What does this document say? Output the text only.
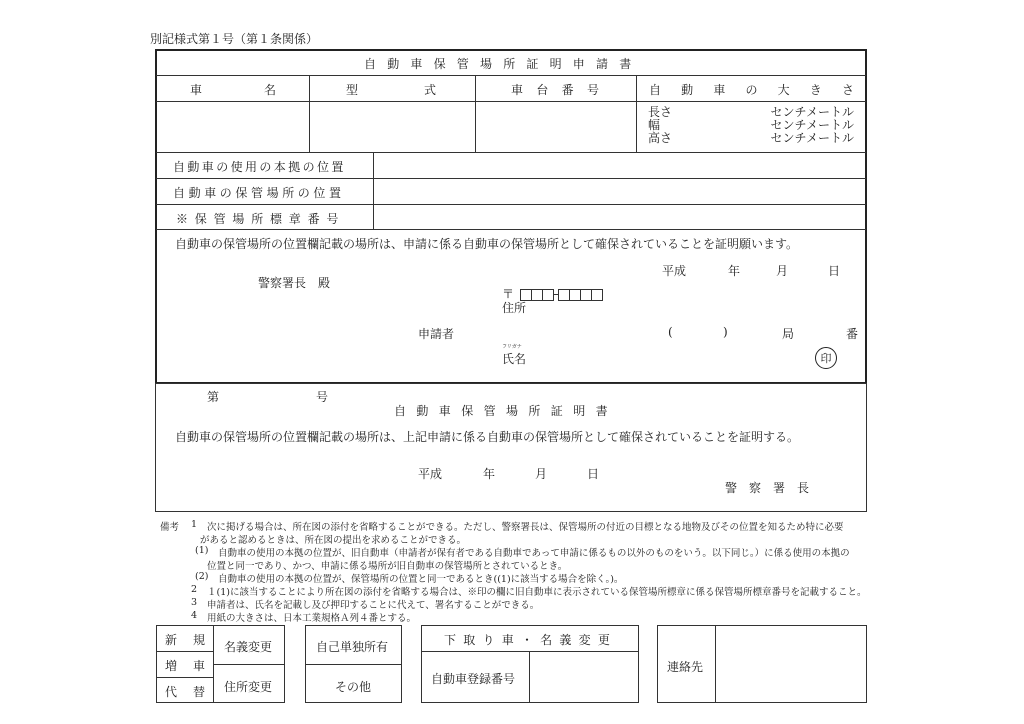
別記様式第１号（第１条関係）
自動車保管場所証明申請書
車	名	型	式	車 台 番 号	自 動 車 の 大 き さ
長さ	センチメートル
幅	センチメートル
高さ	センチメートル
自動車の使用の本拠の位置
自動車の保管場所の位置
※保管場所標章番号
自動車の保管場所の位置欄記載の場所は、申請に係る自動車の保管場所として確保されていることを証明願います。
平成	年	月	日
警察署長　殿
〒
住所
申請者	(	)	局	番
フリガナ
氏名	印
第	号
自動車保管場所証明書
自動車の保管場所の位置欄記載の場所は、上記申請に係る自動車の保管場所として確保されていることを証明する。
平成	年	月	日
警察署長
備考 1 次に掲げる場合は、所在図の添付を省略することができる。ただし、警察署長は、保管場所の付近の目標となる地物及びその位置を知るため特に必要
があると認めるときは、所在図の提出を求めることができる。
(1) 自動車の使用の本拠の位置が、旧自動車（申請者が保有者である自動車であって申請に係るもの以外のものをいう。以下同じ。）に係る使用の本拠の
位置と同一であり、かつ、申請に係る場所が旧自動車の保管場所とされているとき。
(2) 自動車の使用の本拠の位置が、保管場所の位置と同一であるとき((1)に該当する場合を除く。)。
2 １(1)に該当することにより所在図の添付を省略する場合は、※印の欄に旧自動車に表示されている保管場所標章に係る保管場所標章番号を記載すること。
3 申請者は、氏名を記載し及び押印することに代えて、署名することができる。
4 用紙の大きさは、日本工業規格Ａ列４番とする。
新 規
増 車
代 替
名義変更
住所変更
自己単独所有
その他
下 取 り 車 ・ 名 義 変 更
自動車登録番号
連絡先
